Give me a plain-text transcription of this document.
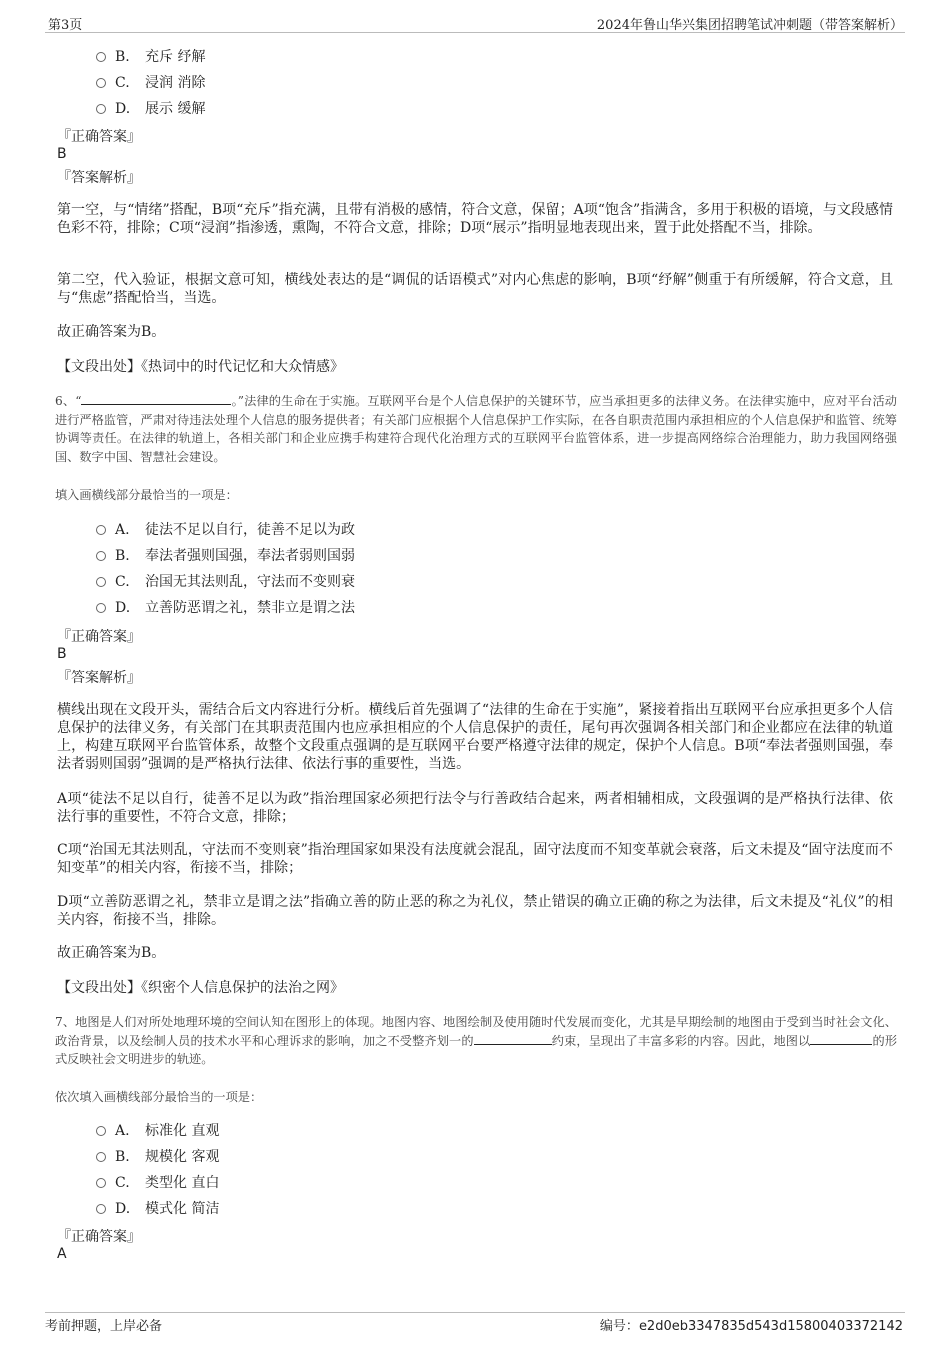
第3页	2024年鲁山华兴集团招聘笔试冲刺题（带答案解析）
B. 充斥 纾解
C. 浸润 消除
D. 展示 缓解
『正确答案』
B
『答案解析』
第一空，与“情绪”搭配，B项“充斥”指充满，且带有消极的感情，符合文意，保留；A项“饱含”指满含，多用于积极的语境，与文段感情色彩不符，排除；C项“浸润”指渗透，熏陶，不符合文意，排除；D项“展示”指明显地表现出来，置于此处搭配不当，排除。
第二空，代入验证，根据文意可知，横线处表达的是“调侃的话语模式”对内心焦虑的影响，B项“纾解”侧重于有所缓解，符合文意，且与“焦虑”搭配恰当，当选。
故正确答案为B。
【文段出处】《热词中的时代记忆和大众情感》
6、“	。”法律的生命在于实施。互联网平台是个人信息保护的关键环节，应当承担更多的法律义务。在法律实施中，应对平台活动进行严格监管，严肃对待违法处理个人信息的服务提供者；有关部门应根据个人信息保护工作实际，在各自职责范围内承担相应的个人信息保护和监管、统筹协调等责任。在法律的轨道上，各相关部门和企业应携手构建符合现代化治理方式的互联网平台监管体系，进一步提高网络综合治理能力，助力我国网络强国、数字中国、智慧社会建设。
填入画横线部分最恰当的一项是：
A. 徒法不足以自行，徒善不足以为政
B. 奉法者强则国强，奉法者弱则国弱
C. 治国无其法则乱，守法而不变则衰
D. 立善防恶谓之礼，禁非立是谓之法
『正确答案』
B
『答案解析』
横线出现在文段开头，需结合后文内容进行分析。横线后首先强调了“法律的生命在于实施”，紧接着指出互联网平台应承担更多个人信息保护的法律义务，有关部门在其职责范围内也应承担相应的个人信息保护的责任，尾句再次强调各相关部门和企业都应在法律的轨道上，构建互联网平台监管体系，故整个文段重点强调的是互联网平台要严格遵守法律的规定，保护个人信息。B项“奉法者强则国强，奉法者弱则国弱”强调的是严格执行法律、依法行事的重要性，当选。
A项“徒法不足以自行，徒善不足以为政”指治理国家必须把行法令与行善政结合起来，两者相辅相成，文段强调的是严格执行法律、依法行事的重要性，不符合文意，排除；
C项“治国无其法则乱，守法而不变则衰”指治理国家如果没有法度就会混乱，固守法度而不知变革就会衰落，后文未提及“固守法度而不知变革”的相关内容，衔接不当，排除；
D项“立善防恶谓之礼，禁非立是谓之法”指确立善的防止恶的称之为礼仪，禁止错误的确立正确的称之为法律，后文未提及“礼仪”的相关内容，衔接不当，排除。
故正确答案为B。
【文段出处】《织密个人信息保护的法治之网》
7、地图是人们对所处地理环境的空间认知在图形上的体现。地图内容、地图绘制及使用随时代发展而变化，尤其是早期绘制的地图由于受到当时社会文化、政治背景，以及绘制人员的技术水平和心理诉求的影响，加之不受整齐划一的	约束，呈现出了丰富多彩的内容。因此，地图以	的形式反映社会文明进步的轨迹。
依次填入画横线部分最恰当的一项是：
A. 标准化 直观
B. 规模化 客观
C. 类型化 直白
D. 模式化 简洁
『正确答案』
A
考前押题，上岸必备	编号：e2d0eb3347835d543d15800403372142
